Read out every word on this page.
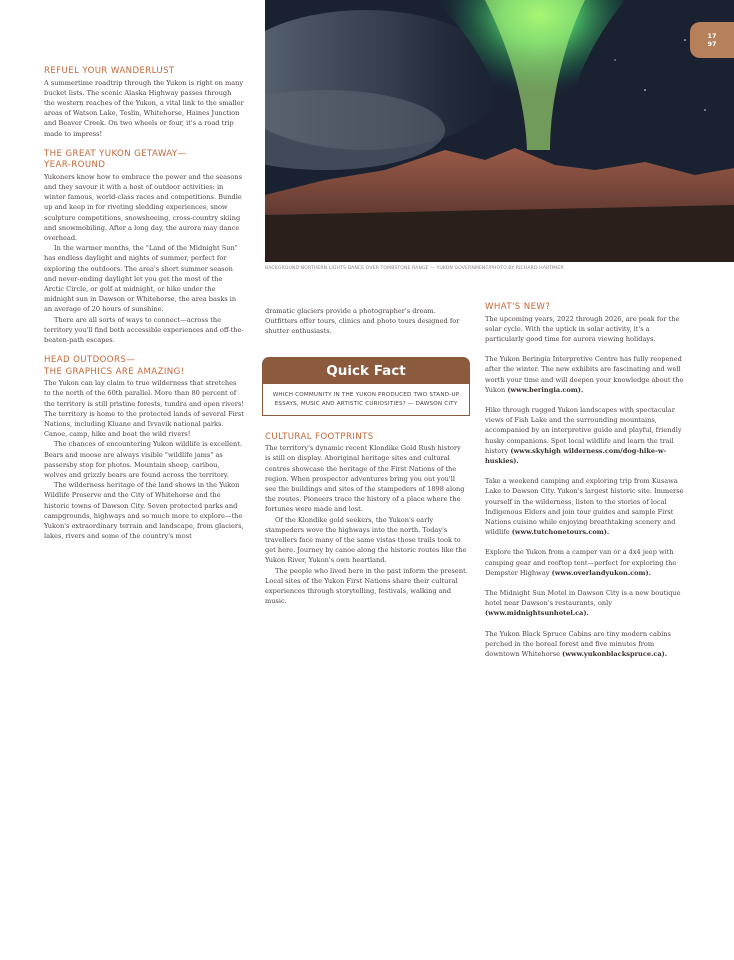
BACKGROUND NORTHERN LIGHTS DANCE OVER TOMBSTONE RANGE — YUKON GOVERNMENT/PHOTO BY RICHARD HARTMIER
17
97
REFUEL YOUR WANDERLUST

A summertime roadtrip through the Yukon is right on many bucket lists. The scenic Alaska Highway passes through the western reaches of the Yukon, a vital link to the smaller areas of Watson Lake, Teslin, Whitehorse, Haines Junction and Beaver Creek. On two wheels or four, it's a road trip made to impress!

THE GREAT YUKON GETAWAY—
YEAR-ROUND

Yukoners know how to embrace the power and the seasons and they savour it with a host of outdoor activities: in winter famous, world-class races and competitions. Bundle up and keep in for riveting sledding experiences, snow sculpture competitions, snowshoeing, cross-country skiing and snowmobiling. After a long day, the aurora may dance overhead.

In the warmer months, the "Land of the Midnight Sun" has endless daylight and nights of summer, perfect for exploring the outdoors. The area's short summer season and never-ending daylight let you get the most of the Arctic Circle, or golf at midnight, or hike under the midnight sun in Dawson or Whitehorse, the area basks in an average of 20 hours of sunshine.

There are all sorts of ways to connect—across the territory you'll find both accessible experiences and off-the-beaten-path escapes.

HEAD OUTDOORS—
THE GRAPHICS ARE AMAZING!

The Yukon can lay claim to true wilderness that stretches to the north of the 60th parallel. More than 80 percent of the territory is still pristine forests, tundra and open rivers! The territory is home to the protected lands of several First Nations, including Kluane and Ivvavik national parks. Canoe, camp, hike and boat the wild rivers!

The chances of encountering Yukon wildlife is excellent. Bears and moose are always visible "wildlife jams" as passersby stop for photos. Mountain sheep, caribou, wolves and grizzly bears are found across the territory.

The wilderness heritage of the land shows in the Yukon Wildlife Preserve and the City of Whitehorse and the historic towns of Dawson City. Seven protected parks and campgrounds, highways and so much more to explore—the Yukon's extraordinary terrain and landscape, from glaciers, lakes, rivers and some of the country's most

dramatic glaciers provide a photographer's dream. Outfitters offer tours, clinics and photo tours designed for shutter enthusiasts.

CULTURAL FOOTPRINTS

The territory's dynamic recent Klondike Gold Rush history is still on display. Aboriginal heritage sites and cultural centres showcase the heritage of the First Nations of the region. When prospector adventures bring you out you'll see the buildings and sites of the stampeders of 1898 along the routes. Pioneers trace the history of a place where the fortunes were made and lost.

Of the Klondike gold seekers, the Yukon's early stampeders wove the highways into the north. Today's travellers face many of the same vistas those trails took to get here. Journey by canoe along the historic routes like the Yukon River, Yukon's own heartland.

The people who lived here in the past inform the present. Local sites of the Yukon First Nations share their cultural experiences through storytelling, festivals, walking and music.

Quick Fact
WHICH COMMUNITY IN THE YUKON PRODUCED TWO STAND-UP
ESSAYS, MUSIC AND ARTISTIC CURIOSITIES? — DAWSON CITY
WHAT'S NEW?

The upcoming years, 2022 through 2026, are peak for the solar cycle. With the uptick in solar activity, it's a particularly good time for aurora viewing holidays.

The Yukon Beringia Interpretive Centre has fully reopened after the winter. The new exhibits are fascinating and well worth your time and will deepen your knowledge about the Yukon (www.beringia.com).

Hike through rugged Yukon landscapes with spectacular views of Fish Lake and the surrounding mountains, accompanied by an interpretive guide and playful, friendly husky companions. Spot local wildlife and learn the trail history (www.skyhigh wilderness.com/dog-hike-w-huskies).

Take a weekend camping and exploring trip from Kusawa Lake to Dawson City. Yukon's largest historic site. Immerse yourself in the wilderness, listen to the stories of local Indigenous Elders and join tour guides and sample First Nations cuisine while enjoying breathtaking scenery and wildlife (www.tutchonetours.com).

Explore the Yukon from a camper van or a 4x4 jeep with camping gear and rooftop tent—perfect for exploring the Dempster Highway (www.overlandyukon.com).

The Midnight Sun Motel in Dawson City is a new boutique hotel near Dawson's restaurants, only (www.midnightsunhotel.ca).

The Yukon Black Spruce Cabins are tiny modern cabins perched in the boreal forest and five minutes from downtown Whitehorse (www.yukonblackspruce.ca).
